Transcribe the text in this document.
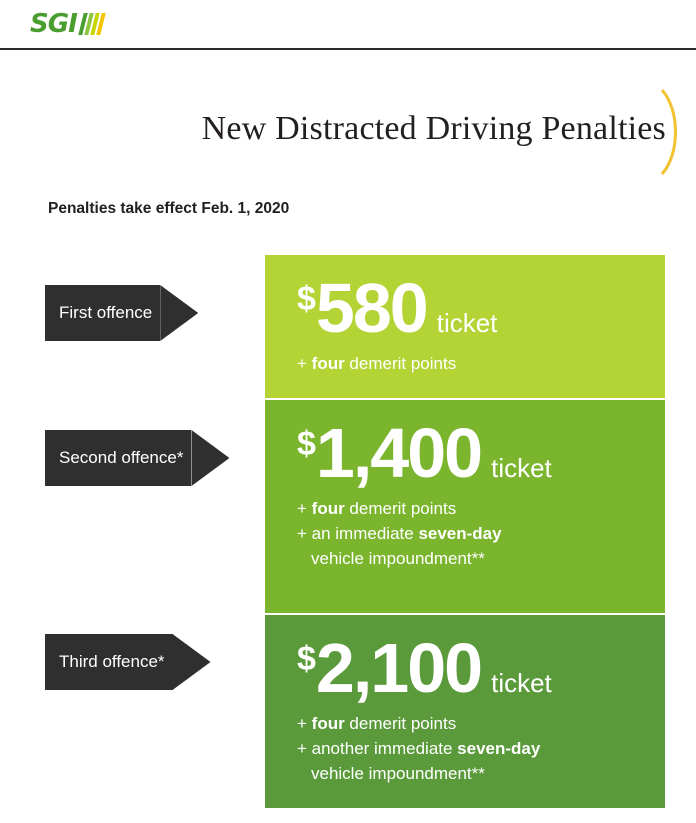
SGI
New Distracted Driving Penalties
Penalties take effect Feb. 1, 2020
$ 580 ticket
+ four demerit points
First offence
$ 1,400 ticket
+ four demerit points
+ an immediate seven-day
vehicle impoundment**
Second offence*
$ 2,100 ticket
+ four demerit points
+ another immediate seven-day
vehicle impoundment**
Third offence*
